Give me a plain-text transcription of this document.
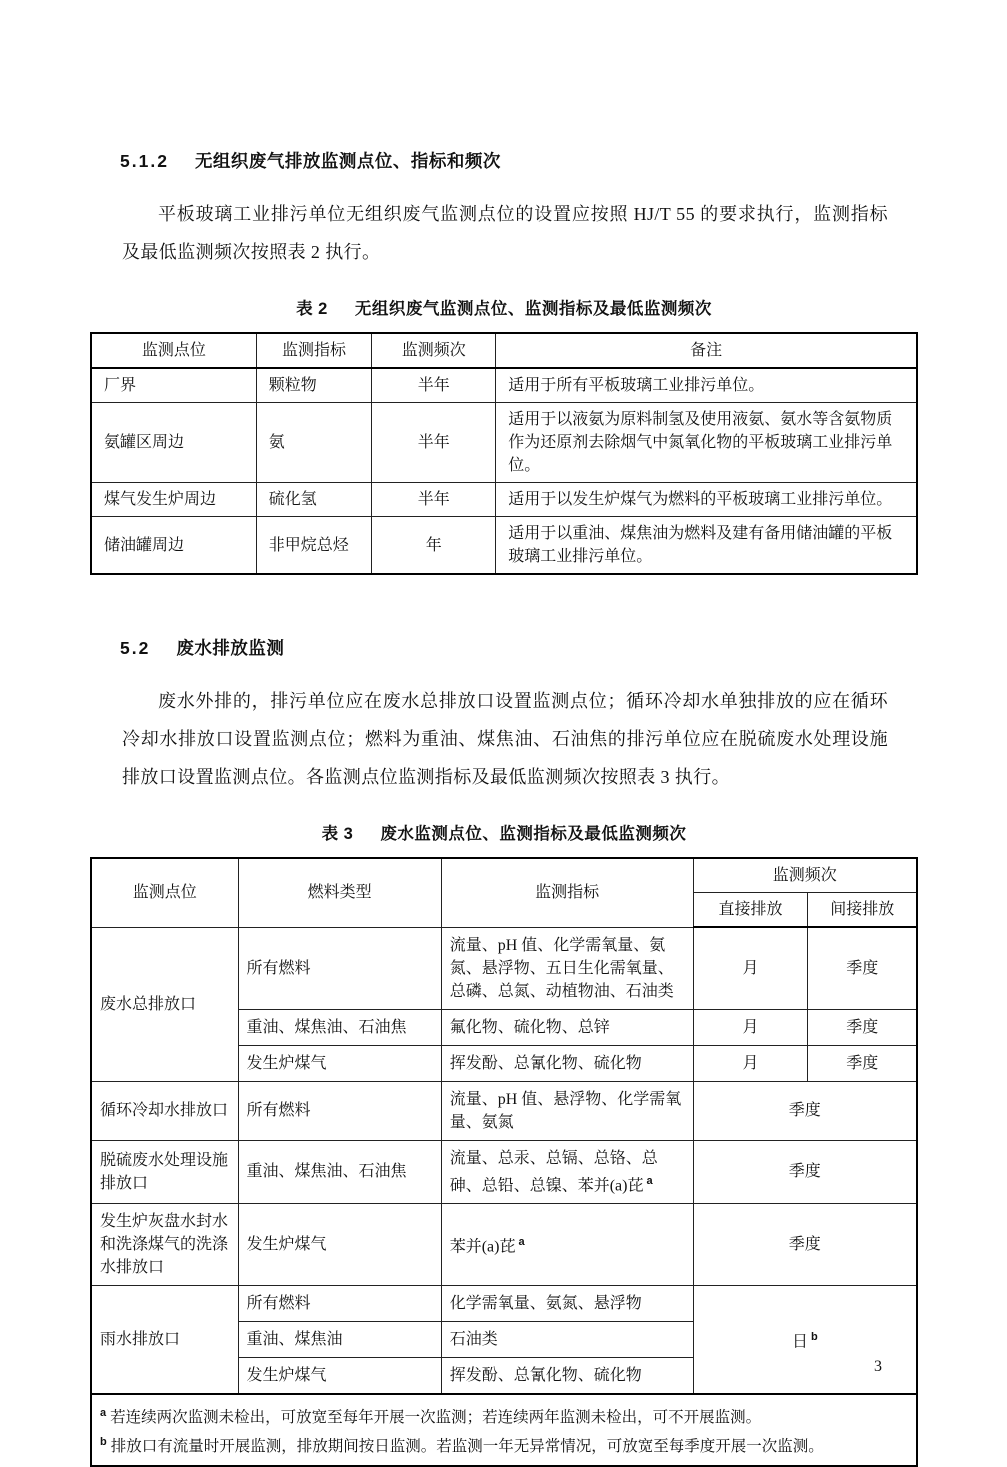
5.1.2 无组织废气排放监测点位、指标和频次

平板玻璃工业排污单位无组织废气监测点位的设置应按照 HJ/T 55 的要求执行，监测指标及最低监测频次按照表 2 执行。

表 2 无组织废气监测点位、监测指标及最低监测频次
监测点位	监测指标	监测频次	备注
厂界	颗粒物	半年	适用于所有平板玻璃工业排污单位。
氨罐区周边	氨	半年	适用于以液氨为原料制氢及使用液氨、氨水等含氨物质作为还原剂去除烟气中氮氧化物的平板玻璃工业排污单位。
煤气发生炉周边	硫化氢	半年	适用于以发生炉煤气为燃料的平板玻璃工业排污单位。
储油罐周边	非甲烷总烃	年	适用于以重油、煤焦油为燃料及建有备用储油罐的平板玻璃工业排污单位。
5.2 废水排放监测

废水外排的，排污单位应在废水总排放口设置监测点位；循环冷却水单独排放的应在循环冷却水排放口设置监测点位；燃料为重油、煤焦油、石油焦的排污单位应在脱硫废水处理设施排放口设置监测点位。各监测点位监测指标及最低监测频次按照表 3 执行。

表 3 废水监测点位、监测指标及最低监测频次
监测点位	燃料类型	监测指标	监测频次	
			直接排放	间接排放
废水总排放口	所有燃料	流量、pH 值、化学需氧量、氨氮、悬浮物、五日生化需氧量、总磷、总氮、动植物油、石油类	月	季度
	重油、煤焦油、石油焦	氟化物、硫化物、总锌	月	季度
	发生炉煤气	挥发酚、总氰化物、硫化物	月	季度
循环冷却水排放口	所有燃料	流量、pH 值、悬浮物、化学需氧量、氨氮	季度	
脱硫废水处理设施排放口	重油、煤焦油、石油焦	流量、总汞、总镉、总铬、总砷、总铅、总镍、苯并(a)芘 $^a$	季度	
发生炉灰盘水封水和洗涤煤气的洗涤水排放口	发生炉煤气	苯并(a)芘 $^a$	季度	
雨水排放口	所有燃料	化学需氧量、氨氮、悬浮物	日 $^b$
	重油、煤焦油	石油类		
	发生炉煤气	挥发酚、总氰化物、硫化物		

$^a$ 若连续两次监测未检出，可放宽至每年开展一次监测；若连续两年监测未检出，可不开展监测。
$^b$ 排放口有流量时开展监测，排放期间按日监测。若监测一年无异常情况，可放宽至每季度开展一次监测。				
3
